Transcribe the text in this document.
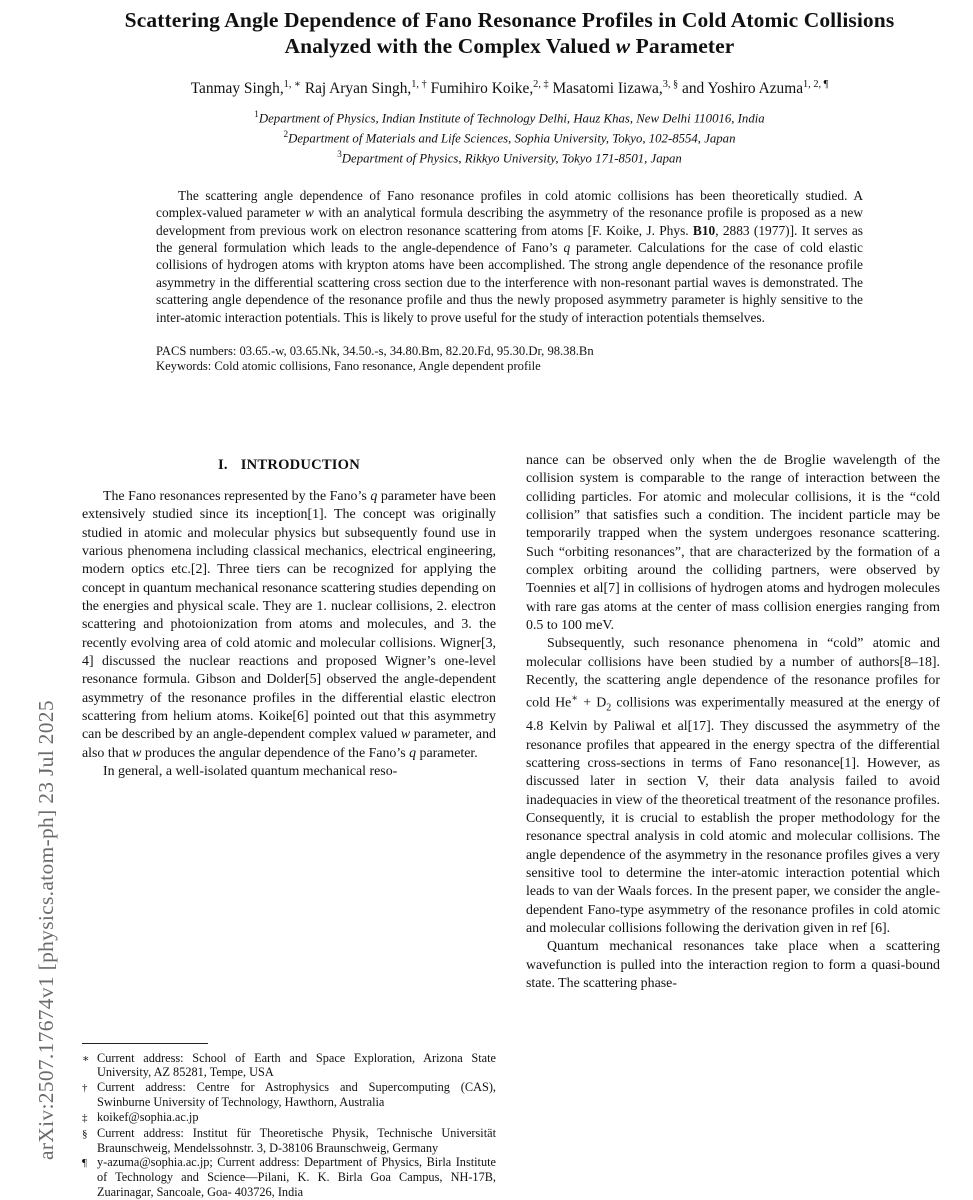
arXiv:2507.17674v1 [physics.atom-ph] 23 Jul 2025
Scattering Angle Dependence of Fano Resonance Profiles in Cold Atomic Collisions
Analyzed with the Complex Valued w Parameter
Tanmay Singh,$^{1, ∗}$ Raj Aryan Singh,$^{1, \dagger}$ Fumihiro Koike,$^{2, \ddagger}$ Masatomi Iizawa,$^{3, \S}$ and Yoshiro Azuma$^{1, 2, \P}$
$^1$Department of Physics, Indian Institute of Technology Delhi, Hauz Khas, New Delhi 110016, India
$^2$Department of Materials and Life Sciences, Sophia University, Tokyo, 102-8554, Japan
$^3$Department of Physics, Rikkyo University, Tokyo 171-8501, Japan

The scattering angle dependence of Fano resonance profiles in cold atomic collisions has been theoretically studied. A complex-valued parameter w with an analytical formula describing the asymmetry of the resonance profile is proposed as a new development from previous work on electron resonance scattering from atoms [F. Koike, J. Phys. B10, 2883 (1977)]. It serves as the general formulation which leads to the angle-dependence of Fano’s q parameter. Calculations for the case of cold elastic collisions of hydrogen atoms with krypton atoms have been accomplished. The strong angle dependence of the resonance profile asymmetry in the differential scattering cross section due to the interference with non-resonant partial waves is demonstrated. The scattering angle dependence of the resonance profile and thus the newly proposed asymmetry parameter is highly sensitive to the inter-atomic interaction potentials. This is likely to prove useful for the study of interaction potentials themselves.

PACS numbers: 03.65.-w, 03.65.Nk, 34.50.-s, 34.80.Bm, 82.20.Fd, 95.30.Dr, 98.38.Bn
Keywords: Cold atomic collisions, Fano resonance, Angle dependent profile
I. INTRODUCTION

The Fano resonances represented by the Fano’s q parameter have been extensively studied since its inception[1]. The concept was originally studied in atomic and molecular physics but subsequently found use in various phenomena including classical mechanics, electrical engineering, modern optics etc.[2]. Three tiers can be recognized for applying the concept in quantum mechanical resonance scattering studies depending on the energies and physical scale. They are 1. nuclear collisions, 2. electron scattering and photoionization from atoms and molecules, and 3. the recently evolving area of cold atomic and molecular collisions. Wigner[3, 4] discussed the nuclear reactions and proposed Wigner’s one-level resonance formula. Gibson and Dolder[5] observed the angle-dependent asymmetry of the resonance profiles in the differential elastic electron scattering from helium atoms. Koike[6] pointed out that this asymmetry can be described by an angle-dependent complex valued w parameter, and also that w produces the angular dependence of the Fano’s q parameter.

In general, a well-isolated quantum mechanical reso-

∗ Current address: School of Earth and Space Exploration, Arizona State University, AZ 85281, Tempe, USA
† Current address: Centre for Astrophysics and Supercomputing (CAS), Swinburne University of Technology, Hawthorn, Australia
‡ koikef@sophia.ac.jp
§ Current address: Institut für Theoretische Physik, Technische Universität Braunschweig, Mendelssohnstr. 3, D-38106 Braunschweig, Germany
¶ y-azuma@sophia.ac.jp; Current address: Department of Physics, Birla Institute of Technology and Science—Pilani, K. K. Birla Goa Campus, NH-17B, Zuarinagar, Sancoale, Goa- 403726, India

nance can be observed only when the de Broglie wavelength of the collision system is comparable to the range of interaction between the colliding particles. For atomic and molecular collisions, it is the “cold collision” that satisfies such a condition. The incident particle may be temporarily trapped when the system undergoes resonance scattering. Such “orbiting resonances”, that are characterized by the formation of a complex orbiting around the colliding partners, were observed by Toennies et al[7] in collisions of hydrogen atoms and hydrogen molecules with rare gas atoms at the center of mass collision energies ranging from 0.5 to 100 meV.

Subsequently, such resonance phenomena in “cold” atomic and molecular collisions have been studied by a number of authors[8–18]. Recently, the scattering angle dependence of the resonance profiles for cold $He^∗ + D_2$ collisions was experimentally measured at the energy of 4.8 Kelvin by Paliwal et al[17]. They discussed the asymmetry of the resonance profiles that appeared in the energy spectra of the differential scattering cross-sections in terms of Fano resonance[1]. However, as discussed later in section V, their data analysis failed to avoid inadequacies in view of the theoretical treatment of the resonance profiles. Consequently, it is crucial to establish the proper methodology for the resonance spectral analysis in cold atomic and molecular collisions. The angle dependence of the asymmetry in the resonance profiles gives a very sensitive tool to determine the inter-atomic interaction potential which leads to van der Waals forces. In the present paper, we consider the angle-dependent Fano-type asymmetry of the resonance profiles in cold atomic and molecular collisions following the derivation given in ref [6].

Quantum mechanical resonances take place when a scattering wavefunction is pulled into the interaction region to form a quasi-bound state. The scattering phase-
